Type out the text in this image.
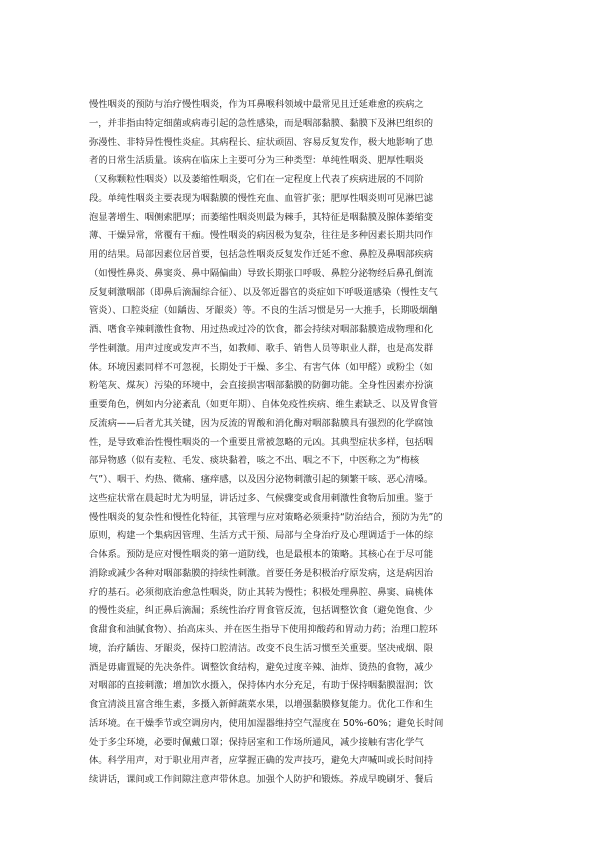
慢性咽炎的预防与治疗慢性咽炎，作为耳鼻喉科领域中最常见且迁延难愈的疾病之
一，并非指由特定细菌或病毒引起的急性感染，而是咽部黏膜、黏膜下及淋巴组织的
弥漫性、非特异性慢性炎症。其病程长、症状顽固、容易反复发作，极大地影响了患
者的日常生活质量。该病在临床上主要可分为三种类型：单纯性咽炎、肥厚性咽炎
（又称颗粒性咽炎）以及萎缩性咽炎，它们在一定程度上代表了疾病进展的不同阶
段。单纯性咽炎主要表现为咽黏膜的慢性充血、血管扩张；肥厚性咽炎则可见淋巴滤
泡显著增生、咽侧索肥厚；而萎缩性咽炎则最为棘手，其特征是咽黏膜及腺体萎缩变
薄、干燥异常，常覆有干痂。慢性咽炎的病因极为复杂，往往是多种因素长期共同作
用的结果。局部因素位居首要，包括急性咽炎反复发作迁延不愈、鼻腔及鼻咽部疾病
（如慢性鼻炎、鼻窦炎、鼻中隔偏曲）导致长期张口呼吸、鼻腔分泌物经后鼻孔倒流
反复刺激咽部（即鼻后滴漏综合征）、以及邻近器官的炎症如下呼吸道感染（慢性支气
管炎）、口腔炎症（如龋齿、牙龈炎）等。不良的生活习惯是另一大推手，长期吸烟酗
酒、嗜食辛辣刺激性食物、用过热或过冷的饮食，都会持续对咽部黏膜造成物理和化
学性刺激。用声过度或发声不当，如教师、歌手、销售人员等职业人群，也是高发群
体。环境因素同样不可忽视，长期处于干燥、多尘、有害气体（如甲醛）或粉尘（如
粉笔灰、煤灰）污染的环境中，会直接损害咽部黏膜的防御功能。全身性因素亦扮演
重要角色，例如内分泌紊乱（如更年期）、自体免疫性疾病、维生素缺乏、以及胃食管
反流病——后者尤其关键，因为反流的胃酸和消化酶对咽部黏膜具有强烈的化学腐蚀
性，是导致难治性慢性咽炎的一个重要且常被忽略的元凶。其典型症状多样，包括咽
部异物感（似有麦粒、毛发、痰块黏着，咳之不出、咽之不下，中医称之为“梅核
气”）、咽干、灼热、微痛、瘙痒感，以及因分泌物刺激引起的频繁干咳、恶心清嗓。
这些症状常在晨起时尤为明显，讲话过多、气候骤变或食用刺激性食物后加重。鉴于
慢性咽炎的复杂性和慢性化特征，其管理与应对策略必须秉持“防治结合，预防为先”的
原则，构建一个集病因管理、生活方式干预、局部与全身治疗及心理调适于一体的综
合体系。预防是应对慢性咽炎的第一道防线，也是最根本的策略。其核心在于尽可能
消除或减少各种对咽部黏膜的持续性刺激。首要任务是积极治疗原发病，这是病因治
疗的基石。必须彻底治愈急性咽炎，防止其转为慢性；积极处理鼻腔、鼻窦、扁桃体
的慢性炎症，纠正鼻后滴漏；系统性治疗胃食管反流，包括调整饮食（避免饱食、少
食甜食和油腻食物）、抬高床头、并在医生指导下使用抑酸药和胃动力药；治理口腔环
境，治疗龋齿、牙龈炎，保持口腔清洁。改变不良生活习惯至关重要。坚决戒烟、限
酒是毋庸置疑的先决条件。调整饮食结构，避免过度辛辣、油炸、烫热的食物，减少
对咽部的直接刺激；增加饮水摄入，保持体内水分充足，有助于保持咽黏膜湿润；饮
食宜清淡且富含维生素，多摄入新鲜蔬菜水果，以增强黏膜修复能力。优化工作和生
活环境。在干燥季节或空调房内，使用加湿器维持空气湿度在 50%-60%；避免长时间
处于多尘环境，必要时佩戴口罩；保持居室和工作场所通风，减少接触有害化学气
体。科学用声，对于职业用声者，应掌握正确的发声技巧，避免大声喊叫或长时间持
续讲话，课间或工作间隙注意声带休息。加强个人防护和锻炼。养成早晚刷牙、餐后
